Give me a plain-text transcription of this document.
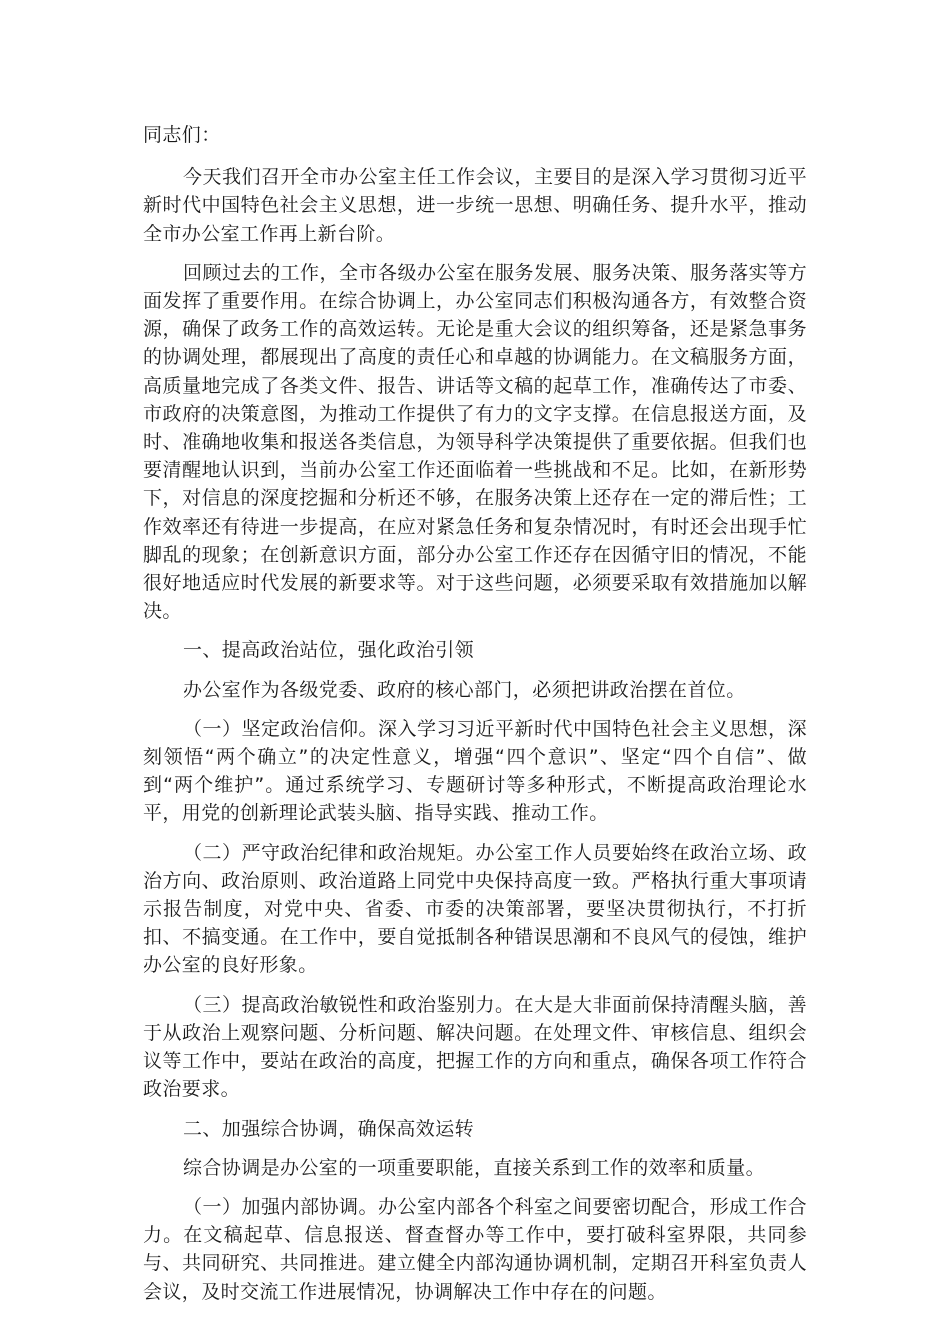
同志们：

今天我们召开全市办公室主任工作会议，主要目的是深入学习贯彻习近平新时代中国特色社会主义思想，进一步统一思想、明确任务、提升水平，推动全市办公室工作再上新台阶。

回顾过去的工作，全市各级办公室在服务发展、服务决策、服务落实等方面发挥了重要作用。在综合协调上，办公室同志们积极沟通各方，有效整合资源，确保了政务工作的高效运转。无论是重大会议的组织筹备，还是紧急事务的协调处理，都展现出了高度的责任心和卓越的协调能力。在文稿服务方面，高质量地完成了各类文件、报告、讲话等文稿的起草工作，准确传达了市委、市政府的决策意图，为推动工作提供了有力的文字支撑。在信息报送方面，及时、准确地收集和报送各类信息，为领导科学决策提供了重要依据。但我们也要清醒地认识到，当前办公室工作还面临着一些挑战和不足。比如，在新形势下，对信息的深度挖掘和分析还不够，在服务决策上还存在一定的滞后性；工作效率还有待进一步提高，在应对紧急任务和复杂情况时，有时还会出现手忙脚乱的现象；在创新意识方面，部分办公室工作还存在因循守旧的情况，不能很好地适应时代发展的新要求等。对于这些问题，必须要采取有效措施加以解决。

一、提高政治站位，强化政治引领

办公室作为各级党委、政府的核心部门，必须把讲政治摆在首位。

（一）坚定政治信仰。深入学习习近平新时代中国特色社会主义思想，深刻领悟“两个确立”的决定性意义，增强“四个意识”、坚定“四个自信”、做到“两个维护”。通过系统学习、专题研讨等多种形式，不断提高政治理论水平，用党的创新理论武装头脑、指导实践、推动工作。

（二）严守政治纪律和政治规矩。办公室工作人员要始终在政治立场、政治方向、政治原则、政治道路上同党中央保持高度一致。严格执行重大事项请示报告制度，对党中央、省委、市委的决策部署，要坚决贯彻执行，不打折扣、不搞变通。在工作中，要自觉抵制各种错误思潮和不良风气的侵蚀，维护办公室的良好形象。

（三）提高政治敏锐性和政治鉴别力。在大是大非面前保持清醒头脑，善于从政治上观察问题、分析问题、解决问题。在处理文件、审核信息、组织会议等工作中，要站在政治的高度，把握工作的方向和重点，确保各项工作符合政治要求。

二、加强综合协调，确保高效运转

综合协调是办公室的一项重要职能，直接关系到工作的效率和质量。

（一）加强内部协调。办公室内部各个科室之间要密切配合，形成工作合力。在文稿起草、信息报送、督查督办等工作中，要打破科室界限，共同参与、共同研究、共同推进。建立健全内部沟通协调机制，定期召开科室负责人会议，及时交流工作进展情况，协调解决工作中存在的问题。
